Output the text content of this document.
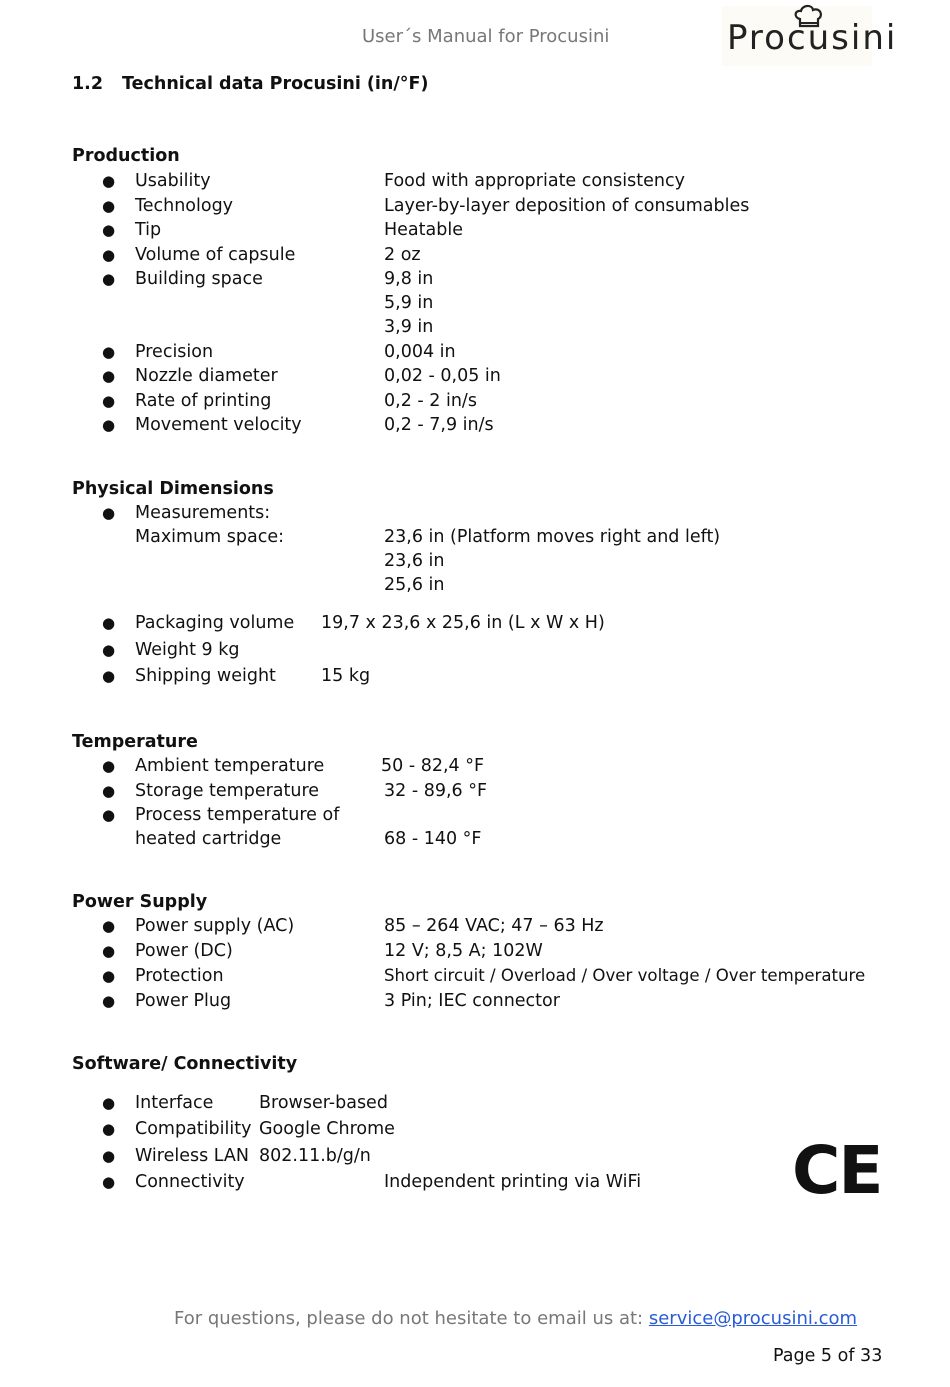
User´s Manual for Procusini	Procusini
1.2 Technical data Procusini (in/°F)
Production
● Usability	Food with appropriate consistency
● Technology	Layer-by-layer deposition of consumables
● Tip	Heatable
● Volume of capsule	2 oz
● Building space	9,8 in
5,9 in
3,9 in
● Precision	0,004 in
● Nozzle diameter	0,02 - 0,05 in
● Rate of printing	0,2 - 2 in/s
● Movement velocity	0,2 - 7,9 in/s
Physical Dimensions
● Measurements:
Maximum space:	23,6 in (Platform moves right and left)
23,6 in
25,6 in
● Packaging volume 19,7 x 23,6 x 25,6 in (L x W x H)
● Weight 9 kg
● Shipping weight	15 kg
Temperature
● Ambient temperature	50 - 82,4 °F
● Storage temperature	32 - 89,6 °F
● Process temperature of
heated cartridge	68 - 140 °F
Power Supply
● Power supply (AC)	85 – 264 VAC; 47 – 63 Hz
● Power (DC)	12 V; 8,5 A; 102W
● Protection	Short circuit / Overload / Over voltage / Over temperature
● Power Plug	3 Pin; IEC connector
Software/ Connectivity
● Interface	Browser-based
● Compatibility Google Chrome
● Wireless LAN 802.11.b/g/n
● Connectivity	Independent printing via WiFi CE
For questions, please do not hesitate to email us at: service@procusini.com
Page 5 of 33
